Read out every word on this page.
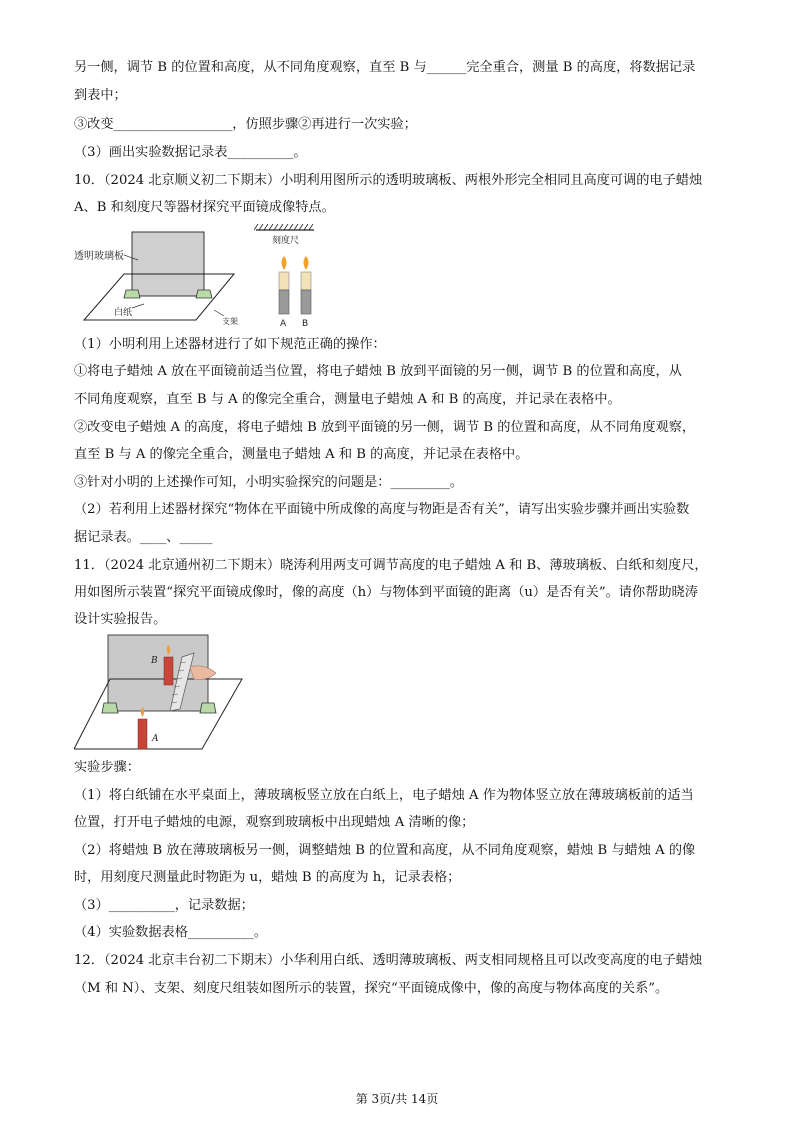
另一侧，调节 B 的位置和高度，从不同角度观察，直至 B 与______完全重合，测量 B 的高度，将数据记录
到表中；
③改变__________________，仿照步骤②再进行一次实验；
（3）画出实验数据记录表__________。
10．（2024 北京顺义初二下期末）小明利用图所示的透明玻璃板、两根外形完全相同且高度可调的电子蜡烛
A、B 和刻度尺等器材探究平面镜成像特点。
透明玻璃板
白纸
支架
刻度尺
A B
（1）小明利用上述器材进行了如下规范正确的操作：
①将电子蜡烛 A 放在平面镜前适当位置，将电子蜡烛 B 放到平面镜的另一侧，调节 B 的位置和高度，从
不同角度观察，直至 B 与 A 的像完全重合，测量电子蜡烛 A 和 B 的高度，并记录在表格中。
②改变电子蜡烛 A 的高度，将电子蜡烛 B 放到平面镜的另一侧，调节 B 的位置和高度，从不同角度观察，
直至 B 与 A 的像完全重合，测量电子蜡烛 A 和 B 的高度，并记录在表格中。
③针对小明的上述操作可知，小明实验探究的问题是：_________。
（2）若利用上述器材探究“物体在平面镜中所成像的高度与物距是否有关”，请写出实验步骤并画出实验数
据记录表。____、_____
11．（2024 北京通州初二下期末）晓涛利用两支可调节高度的电子蜡烛 A 和 B、薄玻璃板、白纸和刻度尺，
用如图所示装置“探究平面镜成像时，像的高度（h）与物体到平面镜的距离（u）是否有关”。请你帮助晓涛
设计实验报告。
B
A
实验步骤：
（1）将白纸铺在水平桌面上，薄玻璃板竖立放在白纸上，电子蜡烛 A 作为物体竖立放在薄玻璃板前的适当
位置，打开电子蜡烛的电源，观察到玻璃板中出现蜡烛 A 清晰的像；
（2）将蜡烛 B 放在薄玻璃板另一侧，调整蜡烛 B 的位置和高度，从不同角度观察，蜡烛 B 与蜡烛 A 的像
时，用刻度尺测量此时物距为 u，蜡烛 B 的高度为 h，记录表格；
（3）__________，记录数据；
（4）实验数据表格__________。
12．（2024 北京丰台初二下期末）小华利用白纸、透明薄玻璃板、两支相同规格且可以改变高度的电子蜡烛
（M 和 N）、支架、刻度尺组装如图所示的装置，探究“平面镜成像中，像的高度与物体高度的关系”。
第 3页/共 14页
